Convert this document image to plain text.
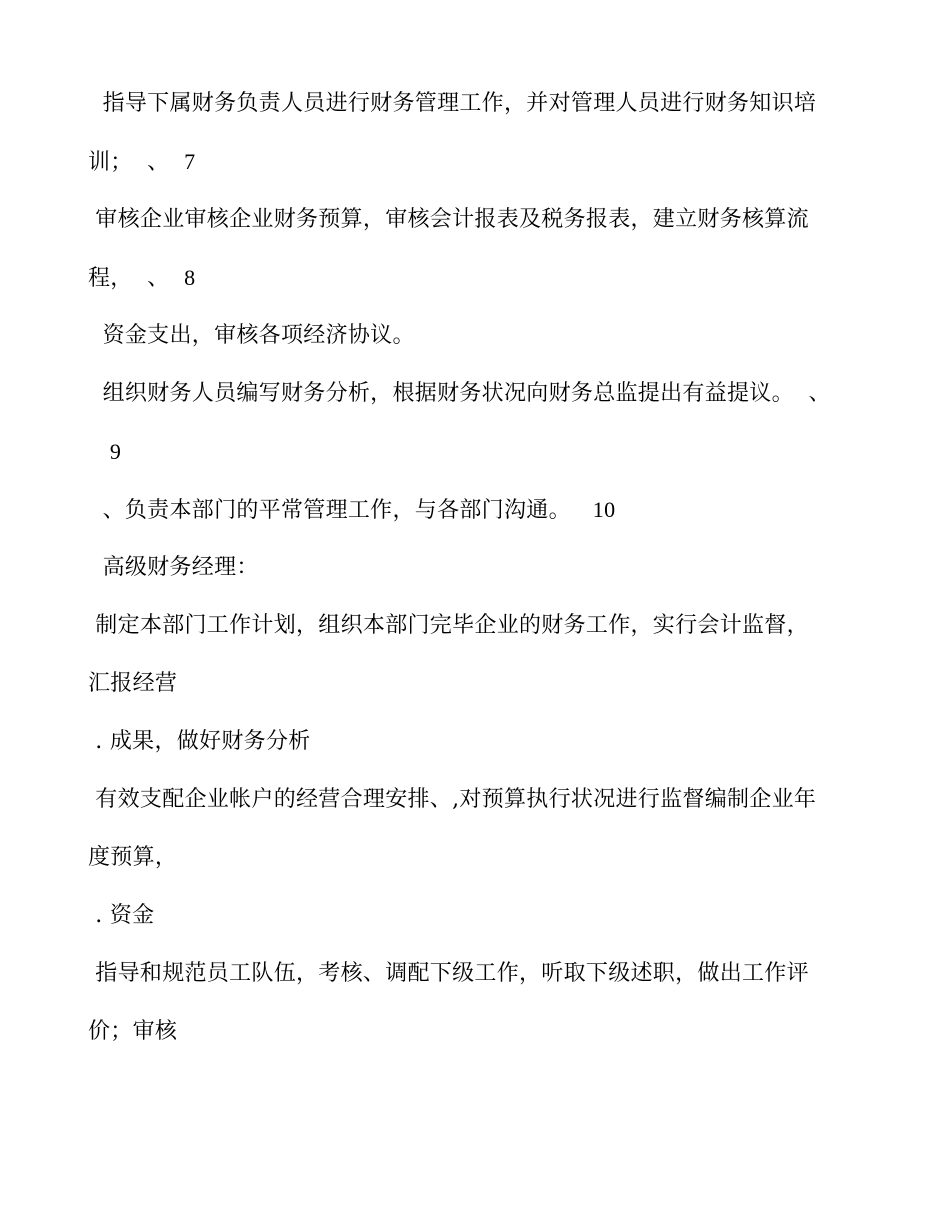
指导下属财务负责人员进行财务管理工作，并对管理人员进行财务知识培
训；  、  7
审核企业审核企业财务预算，审核会计报表及税务报表，建立财务核算流
程，  、  8
资金支出，审核各项经济协议。
组织财务人员编写财务分析，根据财务状况向财务总监提出有益提议。  、
9
、负责本部门的平常管理工作，与各部门沟通。   10
高级财务经理：
制定本部门工作计划，组织本部门完毕企业的财务工作，实行会计监督，
汇报经营
. 成果，做好财务分析
有效支配企业帐户的经营合理安排、,对预算执行状况进行监督编制企业年
度预算，
. 资金
指导和规范员工队伍，考核、调配下级工作，听取下级述职，做出工作评
价；审核
